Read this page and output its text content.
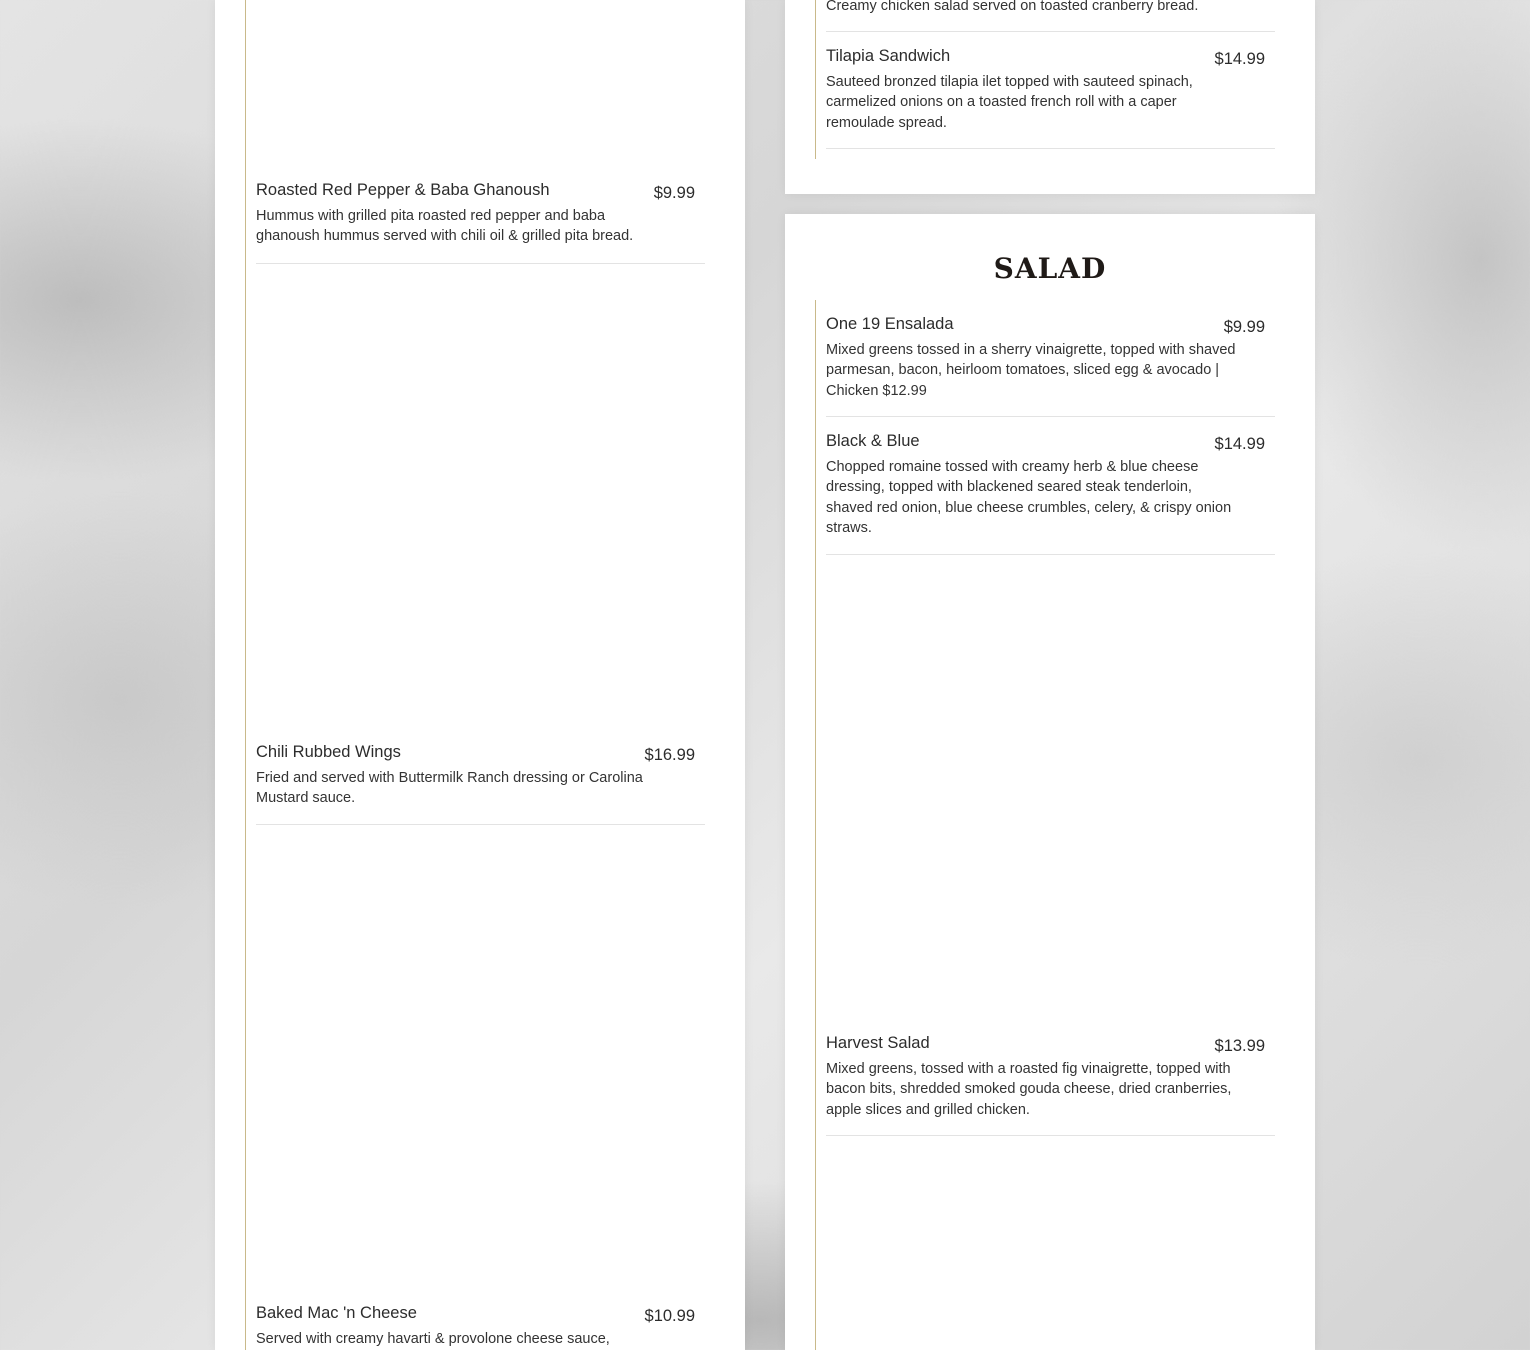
Roasted Red Pepper & Baba Ghanoush	$9.99
Hummus with grilled pita roasted red pepper and baba ghanoush hummus served with chili oil & grilled pita bread.
Chili Rubbed Wings	$16.99
Fried and served with Buttermilk Ranch dressing or Carolina Mustard sauce.
Baked Mac 'n Cheese	$10.99
Served with creamy havarti & provolone cheese sauce,
Creamy chicken salad served on toasted cranberry bread.
Tilapia Sandwich	$14.99
Sauteed bronzed tilapia ilet topped with sauteed spinach, carmelized onions on a toasted french roll with a caper remoulade spread.
SALAD
One 19 Ensalada	$9.99
Mixed greens tossed in a sherry vinaigrette, topped with shaved parmesan, bacon, heirloom tomatoes, sliced egg & avocado | Chicken $12.99
Black & Blue	$14.99
Chopped romaine tossed with creamy herb & blue cheese dressing, topped with blackened seared steak tenderloin, shaved red onion, blue cheese crumbles, celery, & crispy onion straws.
Harvest Salad	$13.99
Mixed greens, tossed with a roasted fig vinaigrette, topped with bacon bits, shredded smoked gouda cheese, dried cranberries, apple slices and grilled chicken.
